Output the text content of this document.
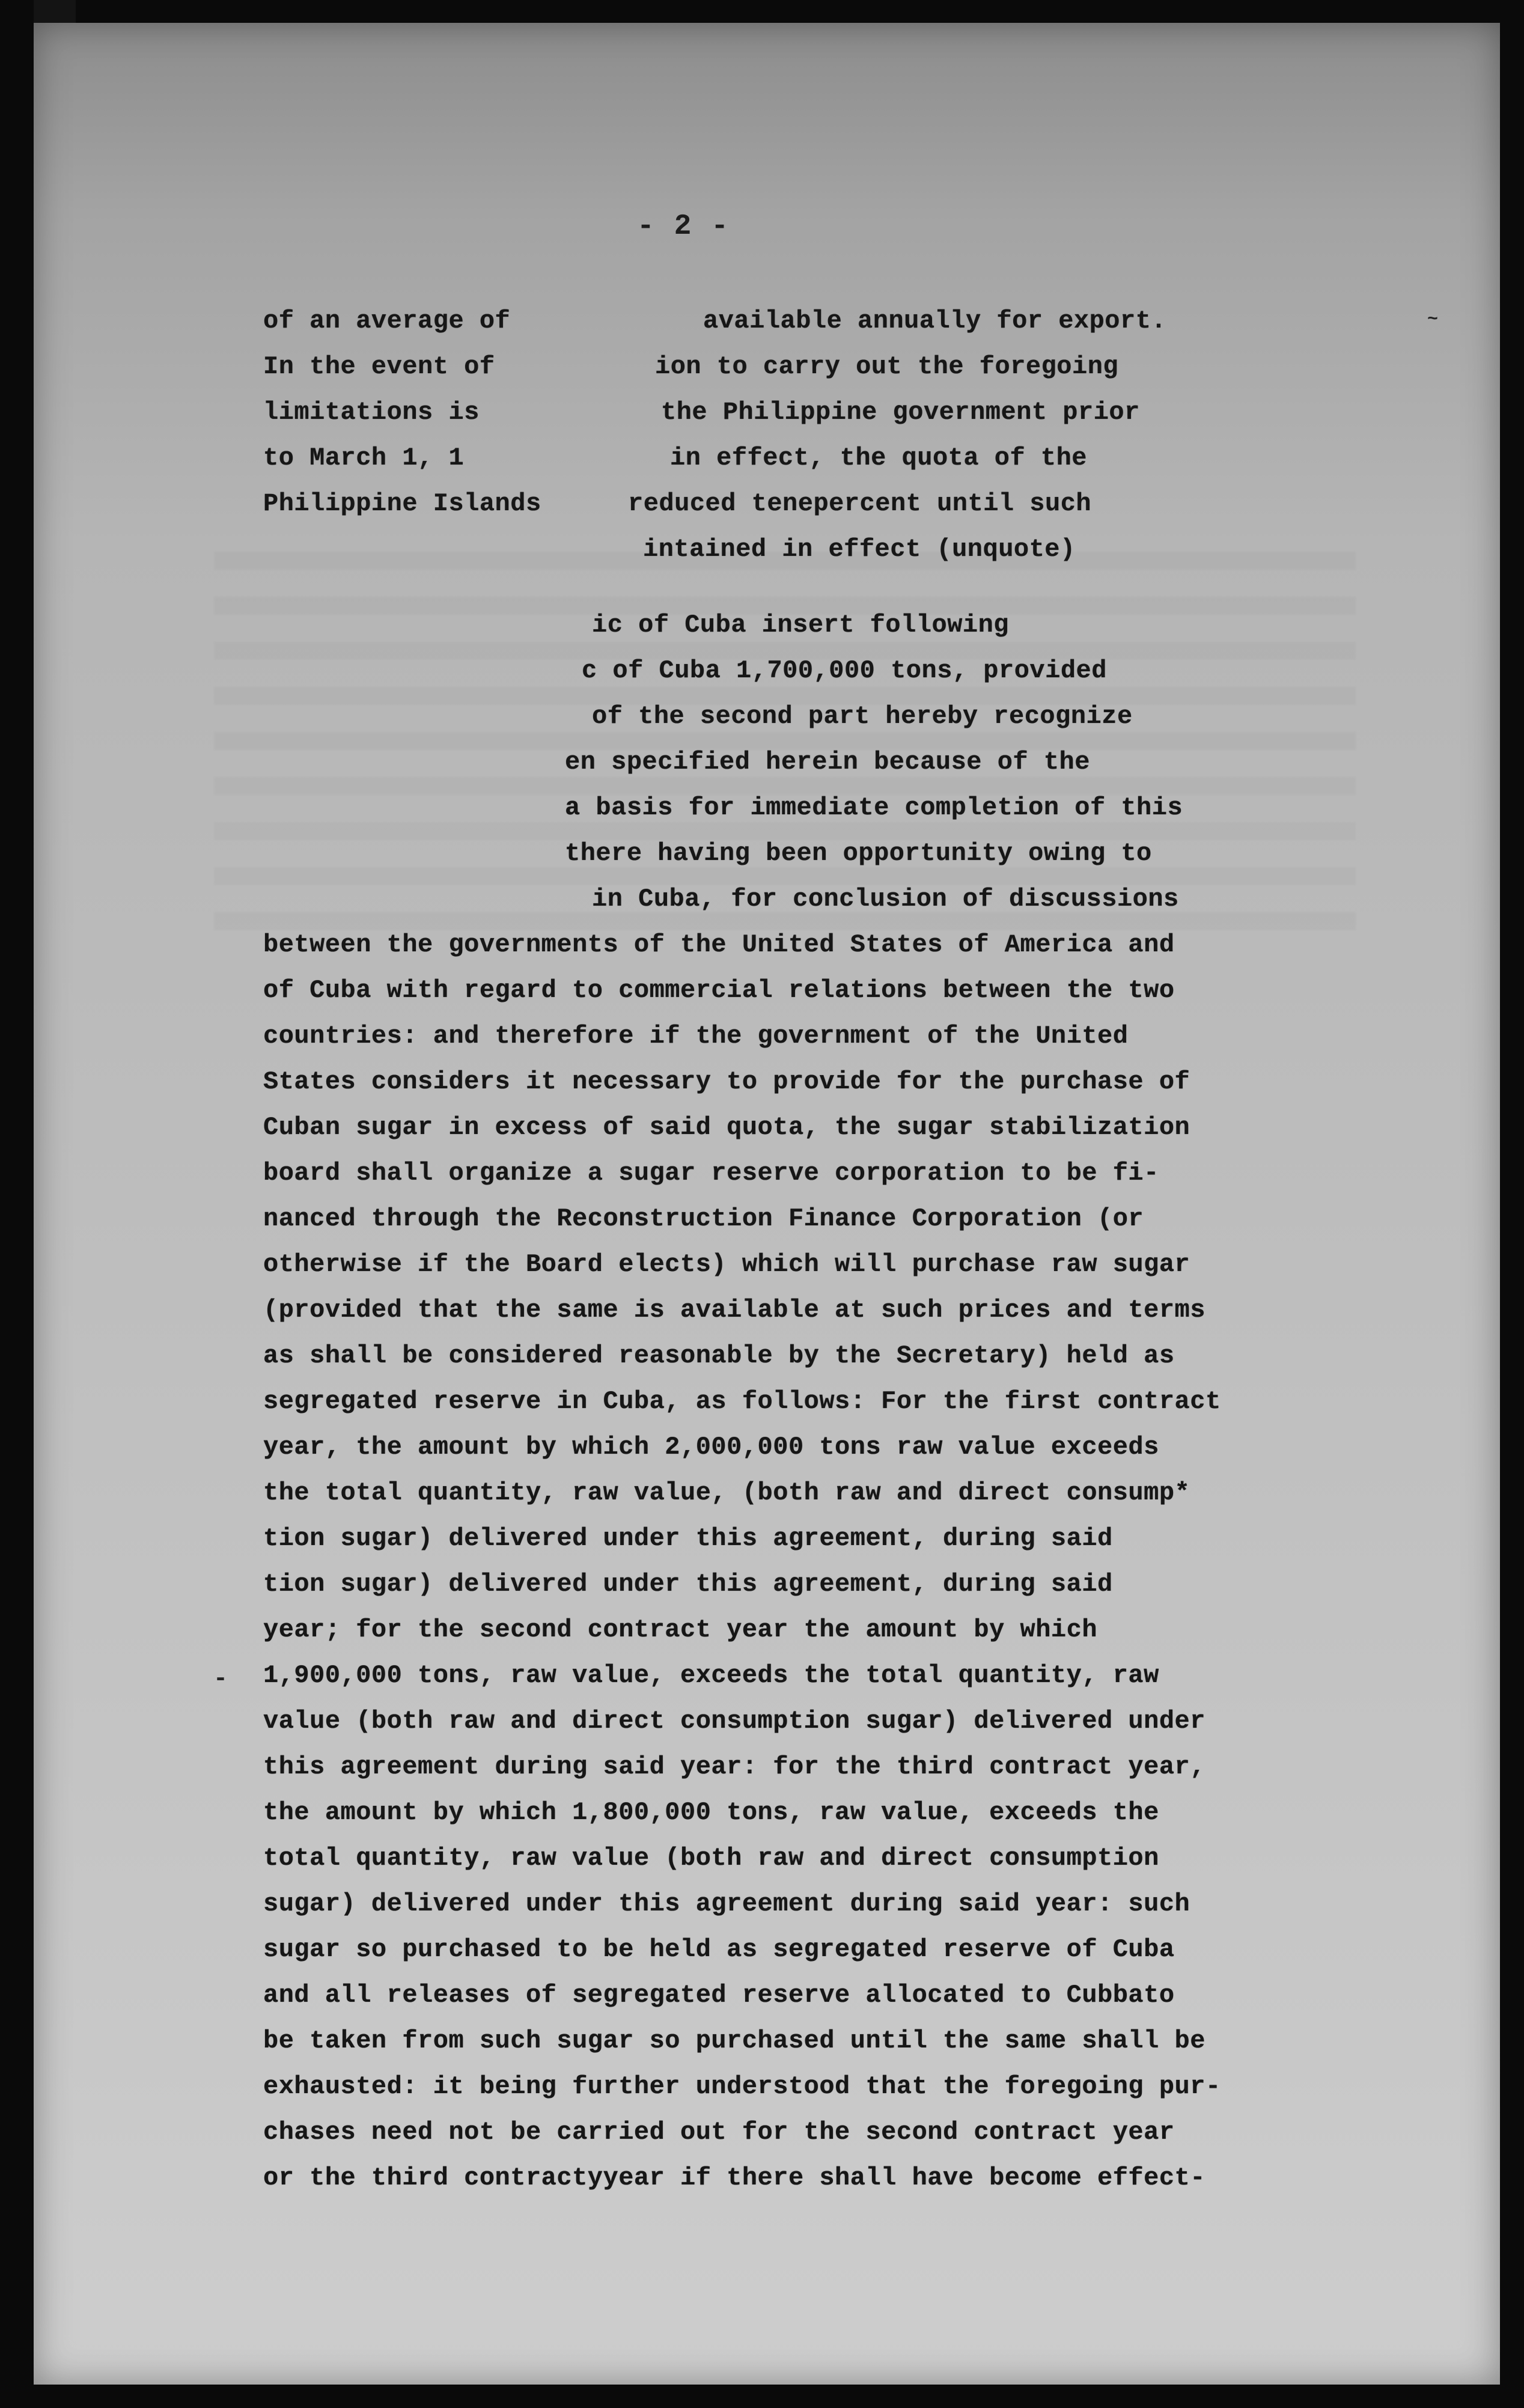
- 2 -
of an average of
In the event of
limitations is
to March 1, 1
Philippine Islands
available annually for export.
ion to carry out the foregoing
the Philippine government prior
in effect, the quota of the
reduced tenepercent until such
intained in effect (unquote)
ic of Cuba insert following
c of Cuba 1,700,000 tons, provided
of the second part hereby recognize
en specified herein because of the
a basis for immediate completion of this
there having been opportunity owing to
in Cuba, for conclusion of discussions
between the governments of the United States of America and
of Cuba with regard to commercial relations between the two
countries: and therefore if the government of the United
States considers it necessary to provide for the purchase of
Cuban sugar in excess of said quota, the sugar stabilization
board shall organize a sugar reserve corporation to be fi-
nanced through the Reconstruction Finance Corporation (or
otherwise if the Board elects) which will purchase raw sugar
(provided that the same is available at such prices and terms
as shall be considered reasonable by the Secretary) held as
segregated reserve in Cuba, as follows: For the first contract
year, the amount by which 2,000,000 tons raw value exceeds
the total quantity, raw value, (both raw and direct consump*
tion sugar) delivered under this agreement, during said
tion sugar) delivered under this agreement, during said
year; for the second contract year the amount by which
1,900,000 tons, raw value, exceeds the total quantity, raw
value (both raw and direct consumption sugar) delivered under
this agreement during said year: for the third contract year,
the amount by which 1,800,000 tons, raw value, exceeds the
total quantity, raw value (both raw and direct consumption
sugar) delivered under this agreement during said year: such
sugar so purchased to be held as segregated reserve of Cuba
and all releases of segregated reserve allocated to Cubbato
be taken from such sugar so purchased until the same shall be
exhausted: it being further understood that the foregoing pur-
chases need not be carried out for the second contract year
or the third contractyyear if there shall have become effect-
-
~
